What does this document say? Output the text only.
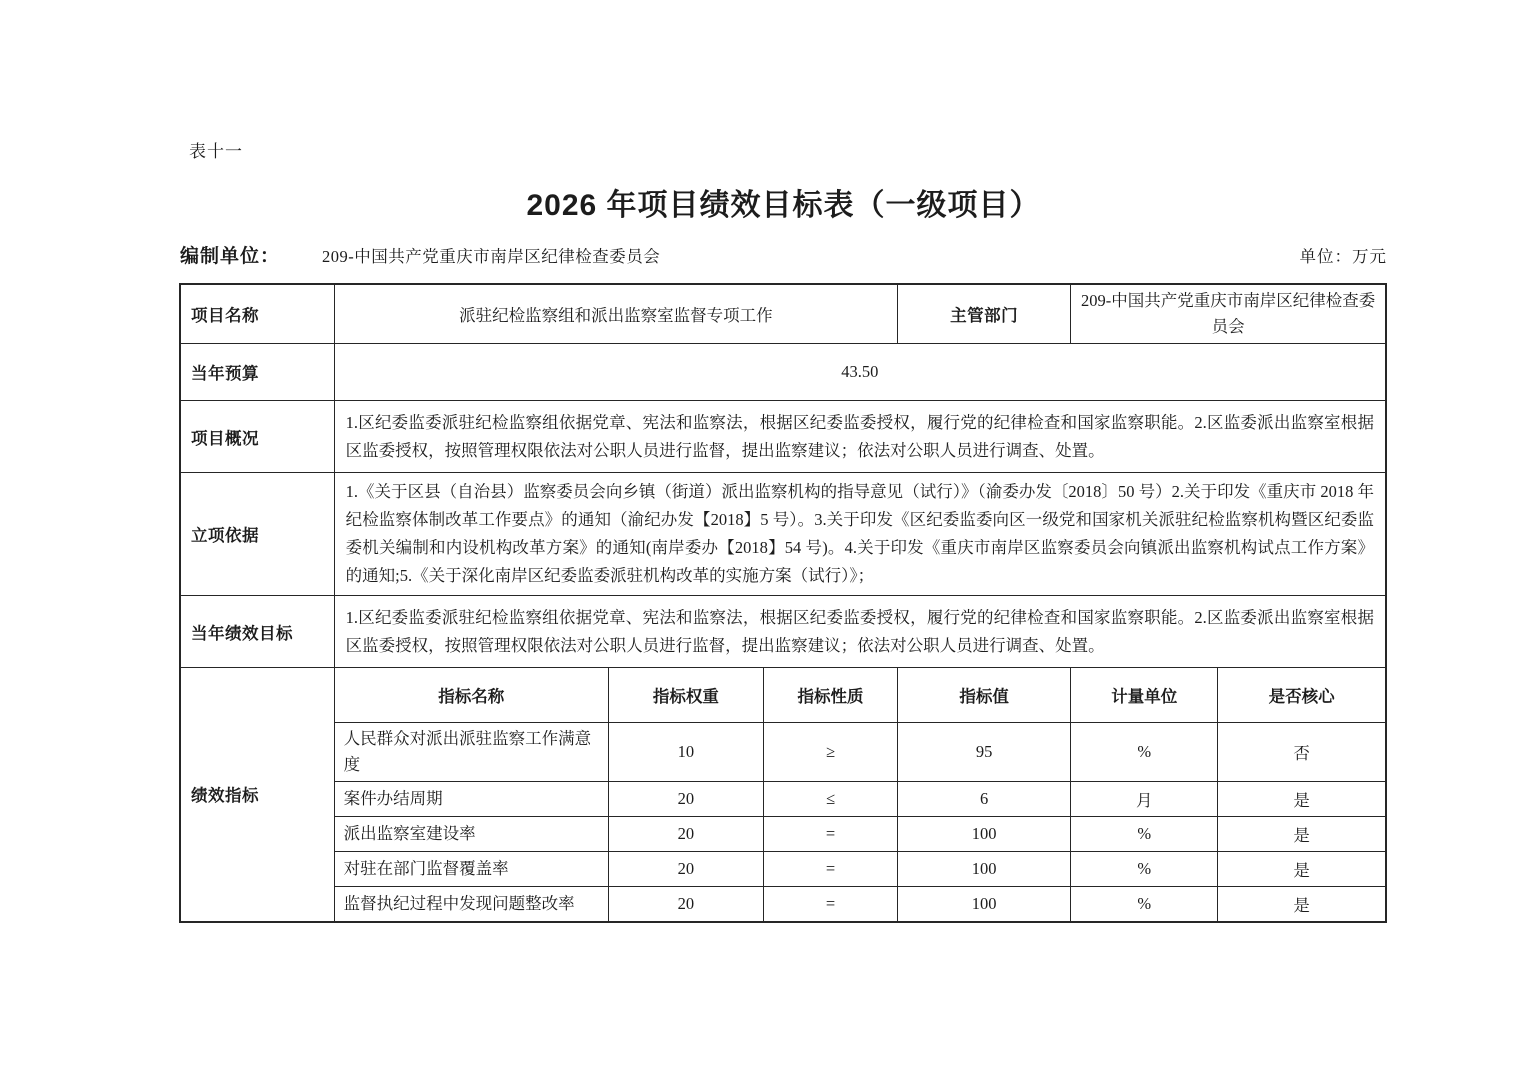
表十一
2026 年项目绩效目标表（一级项目）
编制单位：	209-中国共产党重庆市南岸区纪律检查委员会	单位：万元
项目名称	派驻纪检监察组和派出监察室监督专项工作			主管部门	209-中国共产党重庆市南岸区纪律检查委员会	
当年预算	43.50					
项目概况	1.区纪委监委派驻纪检监察组依据党章、宪法和监察法，根据区纪委监委授权，履行党的纪律检查和国家监察职能。2.区监委派出监察室根据区监委授权，按照管理权限依法对公职人员进行监督，提出监察建议；依法对公职人员进行调查、处置。					
立项依据	1.《关于区县（自治县）监察委员会向乡镇（街道）派出监察机构的指导意见（试行）》（渝委办发〔2018〕50 号）2.关于印发《重庆市 2018 年纪检监察体制改革工作要点》的通知（渝纪办发【2018】5 号）。3.关于印发《区纪委监委向区一级党和国家机关派驻纪检监察机构暨区纪委监委机关编制和内设机构改革方案》的通知(南岸委办【2018】54 号)。4.关于印发《重庆市南岸区监察委员会向镇派出监察机构试点工作方案》的通知;5.《关于深化南岸区纪委监委派驻机构改革的实施方案（试行）》；					
当年绩效目标	1.区纪委监委派驻纪检监察组依据党章、宪法和监察法，根据区纪委监委授权，履行党的纪律检查和国家监察职能。2.区监委派出监察室根据区监委授权，按照管理权限依法对公职人员进行监督，提出监察建议；依法对公职人员进行调查、处置。					
绩效指标	指标名称	指标权重	指标性质	指标值	计量单位	是否核心
	人民群众对派出派驻监察工作满意度	10	≥	95	%	否
	案件办结周期	20	≤	6	月	是
	派出监察室建设率	20	=	100	%	是
	对驻在部门监督覆盖率	20	=	100	%	是
	监督执纪过程中发现问题整改率	20	=	100	%	是
